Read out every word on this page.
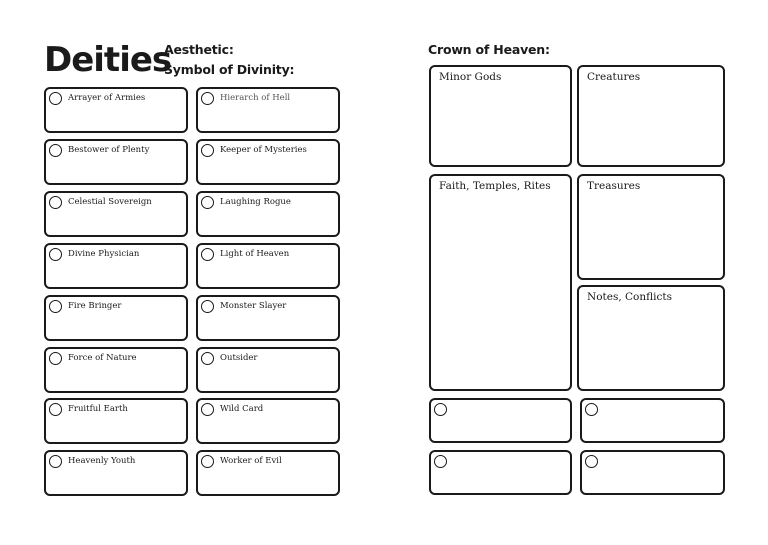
Deities
Aesthetic:
Symbol of Divinity:
Arrayer of Armies
Bestower of Plenty
Celestial Sovereign
Divine Physician
Fire Bringer
Force of Nature
Fruitful Earth
Heavenly Youth
Hierarch of Hell
Keeper of Mysteries
Laughing Rogue
Light of Heaven
Monster Slayer
Outsider
Wild Card
Worker of Evil
Crown of Heaven:
Minor Gods	Creatures
Faith, Temples, Rites	Treasures
Notes, Conflicts
